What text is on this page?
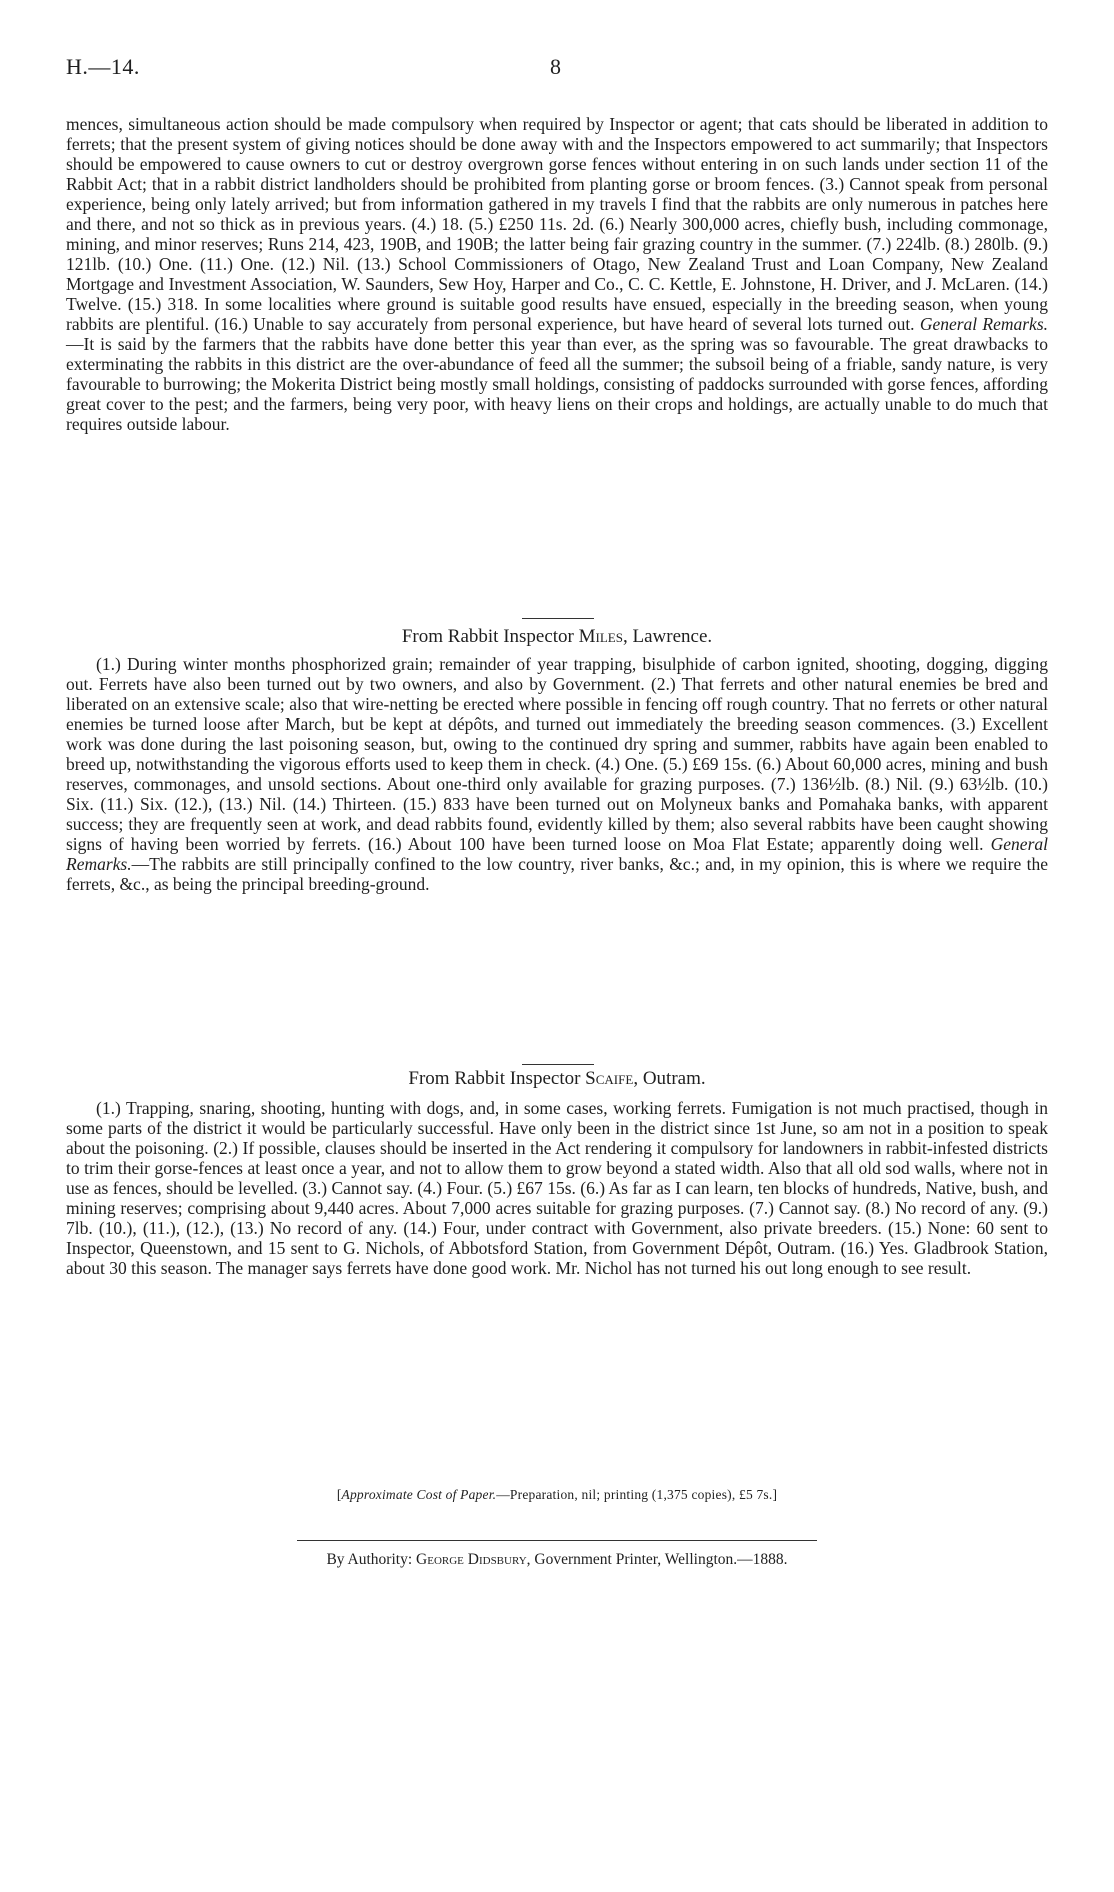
H.—14.	8

mences, simultaneous action should be made compulsory when required by Inspector or agent; that cats should be liberated in addition to ferrets; that the present system of giving notices should be done away with and the Inspectors empowered to act summarily; that Inspectors should be empowered to cause owners to cut or destroy overgrown gorse fences without entering in on such lands under section 11 of the Rabbit Act; that in a rabbit district landholders should be prohibited from planting gorse or broom fences. (3.) Cannot speak from personal experience, being only lately arrived; but from information gathered in my travels I find that the rabbits are only numerous in patches here and there, and not so thick as in previous years. (4.) 18. (5.) £250 11s. 2d. (6.) Nearly 300,000 acres, chiefly bush, including commonage, mining, and minor reserves; Runs 214, 423, 190B, and 190B; the latter being fair grazing country in the summer. (7.) 224lb. (8.) 280lb. (9.) 121lb. (10.) One. (11.) One. (12.) Nil. (13.) School Commissioners of Otago, New Zealand Trust and Loan Company, New Zealand Mortgage and Investment Association, W. Saunders, Sew Hoy, Harper and Co., C. C. Kettle, E. Johnstone, H. Driver, and J. McLaren. (14.) Twelve. (15.) 318. In some localities where ground is suitable good results have ensued, especially in the breeding season, when young rabbits are plentiful. (16.) Unable to say accurately from personal experience, but have heard of several lots turned out. General Remarks.—It is said by the farmers that the rabbits have done better this year than ever, as the spring was so favourable. The great drawbacks to exterminating the rabbits in this district are the over-abundance of feed all the summer; the subsoil being of a friable, sandy nature, is very favourable to burrowing; the Mokerita District being mostly small holdings, consisting of paddocks surrounded with gorse fences, affording great cover to the pest; and the farmers, being very poor, with heavy liens on their crops and holdings, are actually unable to do much that requires outside labour.

From Rabbit Inspector Miles, Lawrence.

(1.) During winter months phosphorized grain; remainder of year trapping, bisulphide of carbon ignited, shooting, dogging, digging out. Ferrets have also been turned out by two owners, and also by Government. (2.) That ferrets and other natural enemies be bred and liberated on an extensive scale; also that wire-netting be erected where possible in fencing off rough country. That no ferrets or other natural enemies be turned loose after March, but be kept at dépôts, and turned out immediately the breeding season commences. (3.) Excellent work was done during the last poisoning season, but, owing to the continued dry spring and summer, rabbits have again been enabled to breed up, notwithstanding the vigorous efforts used to keep them in check. (4.) One. (5.) £69 15s. (6.) About 60,000 acres, mining and bush reserves, commonages, and unsold sections. About one-third only available for grazing purposes. (7.) 136½lb. (8.) Nil. (9.) 63½lb. (10.) Six. (11.) Six. (12.), (13.) Nil. (14.) Thirteen. (15.) 833 have been turned out on Molyneux banks and Pomahaka banks, with apparent success; they are frequently seen at work, and dead rabbits found, evidently killed by them; also several rabbits have been caught showing signs of having been worried by ferrets. (16.) About 100 have been turned loose on Moa Flat Estate; apparently doing well. General Remarks.—The rabbits are still principally confined to the low country, river banks, &c.; and, in my opinion, this is where we require the ferrets, &c., as being the principal breeding-ground.

From Rabbit Inspector Scaife, Outram.

(1.) Trapping, snaring, shooting, hunting with dogs, and, in some cases, working ferrets. Fumigation is not much practised, though in some parts of the district it would be particularly successful. Have only been in the district since 1st June, so am not in a position to speak about the poisoning. (2.) If possible, clauses should be inserted in the Act rendering it compulsory for landowners in rabbit-infested districts to trim their gorse-fences at least once a year, and not to allow them to grow beyond a stated width. Also that all old sod walls, where not in use as fences, should be levelled. (3.) Cannot say. (4.) Four. (5.) £67 15s. (6.) As far as I can learn, ten blocks of hundreds, Native, bush, and mining reserves; comprising about 9,440 acres. About 7,000 acres suitable for grazing purposes. (7.) Cannot say. (8.) No record of any. (9.) 7lb. (10.), (11.), (12.), (13.) No record of any. (14.) Four, under contract with Government, also private breeders. (15.) None: 60 sent to Inspector, Queenstown, and 15 sent to G. Nichols, of Abbotsford Station, from Government Dépôt, Outram. (16.) Yes. Gladbrook Station, about 30 this season. The manager says ferrets have done good work. Mr. Nichol has not turned his out long enough to see result.

[Approximate Cost of Paper.—Preparation, nil; printing (1,375 copies), £5 7s.]
By Authority: George Didsbury, Government Printer, Wellington.—1888.
